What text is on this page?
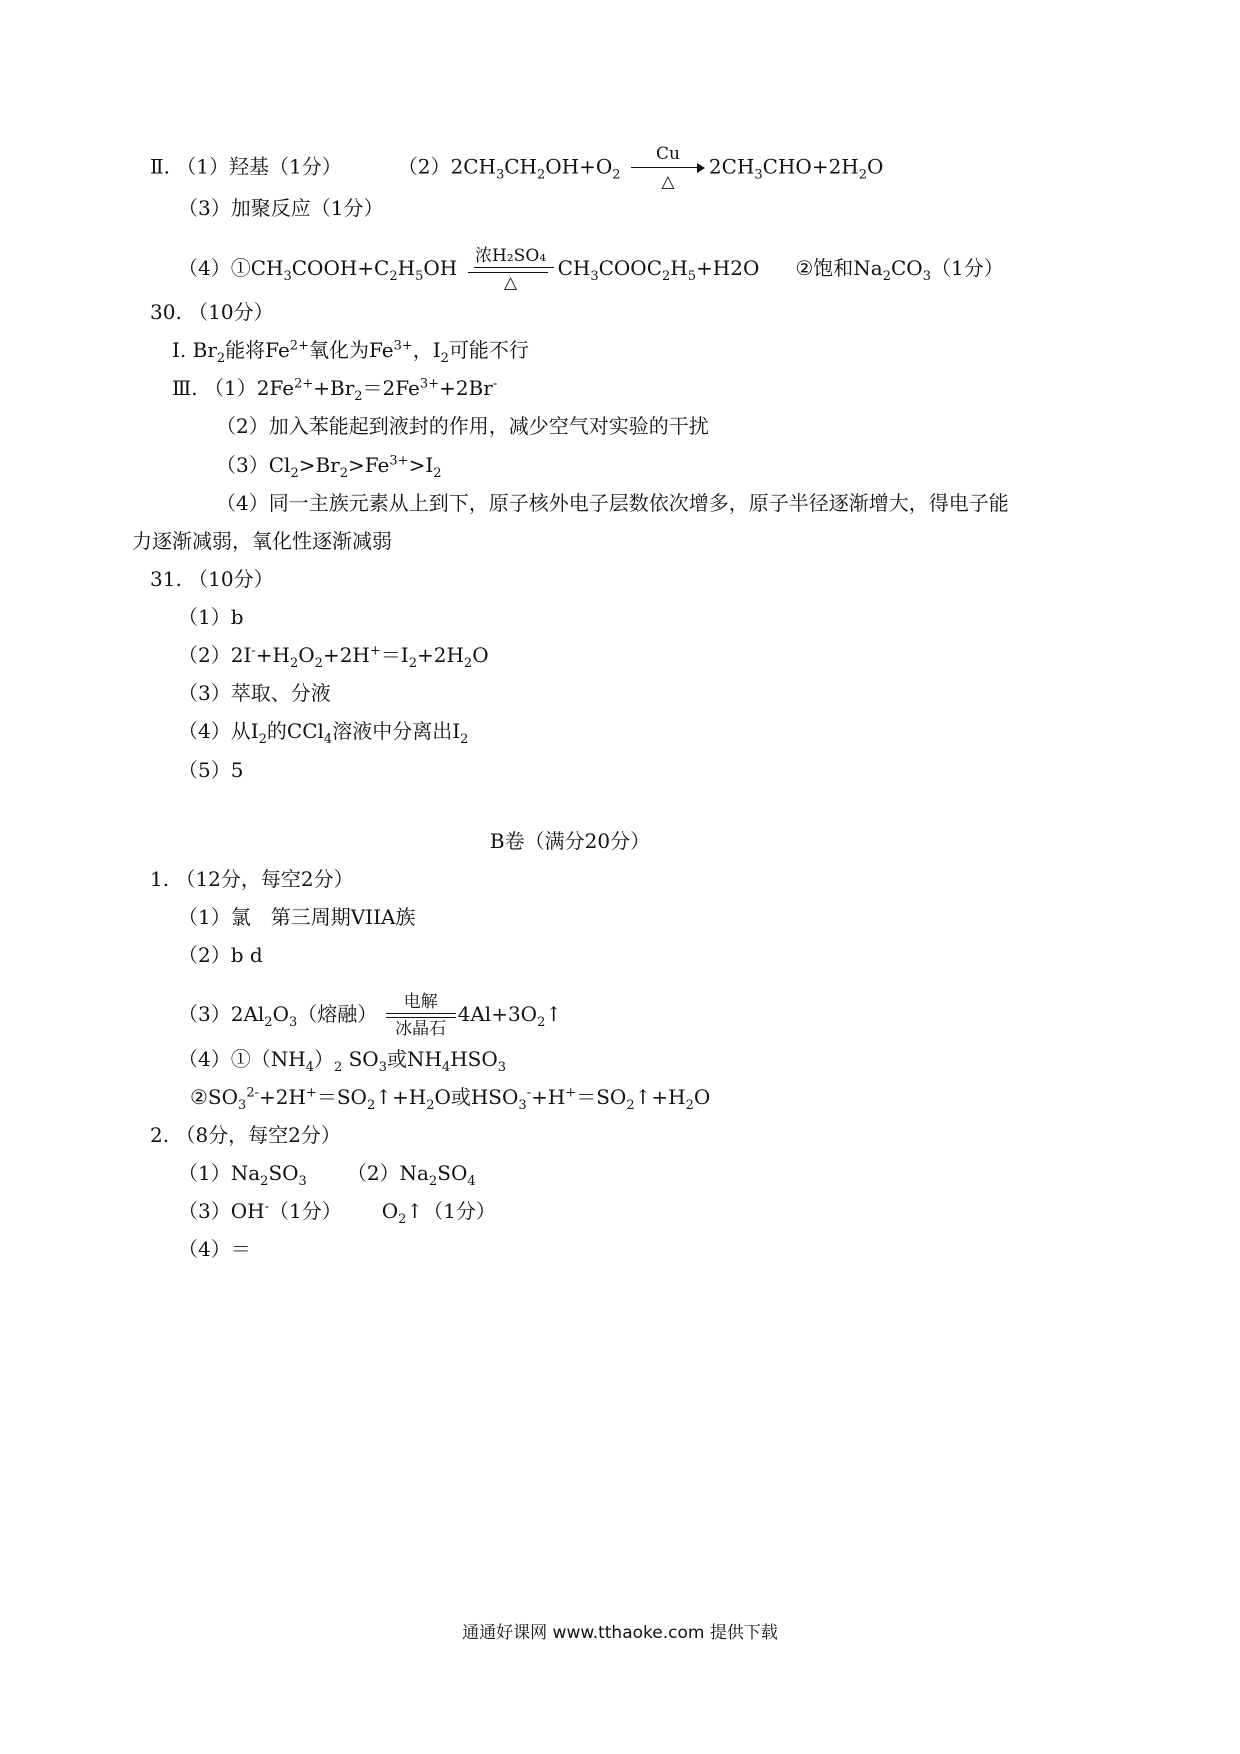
Ⅱ. （1）羟基（1分）	$(2)2CH_3CH_2OH+O_2$
Cu
△
$2CH_3CHO+2H_2O$
（3）加聚反应（1分）
$(4)①CH_3COOH+C_2H_5OH$ 浓H₂SO₄
△
$CH_3COOC_2H_5+H2O$ ②饱和$Na_2CO_3(1$分）
30. （10分）
I. $Br_2$能将$Fe^{2+}$氧化为$Fe^{3+}$，$I_2$可能不行
Ⅲ. $(1)2Fe^{2+}+Br_2=2Fe^{3+}+2Br^-$
（2）加入苯能起到液封的作用，减少空气对实验的干扰
$(3)Cl_2>Br_2>Fe^{3+}>I_2$
（4）同一主族元素从上到下，原子核外电子层数依次增多，原子半径逐渐增大，得电子能
力逐渐减弱，氧化性逐渐减弱
31. （10分）
（1）b
$(2)2I^-+H_2O_2+2H^+=I_2+2H_2O$
（3）萃取、分液
（4）从$I_2$的CCl$_4$溶液中分离出$I_2$
（5）5
B卷（满分20分）
1. （12分，每空2分）
（1）氯　第三周期VIIA族
（2）b d
$(3)2Al_2O_3$（熔融）	电解
冰晶石
$4Al+3O_2↑$
$(4)①(NH_4)_2$ $SO_3$或$NH_4HSO_3$
$②SO_3^{2-}+2H^+=SO_2↑+H_2O$或$HSO_3^-+H^+=SO_2↑+H_2O$
2. （8分，每空2分）
$(1)Na_2SO_3$ $(2)Na_2SO_4$
（3）OH-（1分） $O_2↑(1$分）
（4）＝
通通好课网 www.tthaoke.com 提供下载
